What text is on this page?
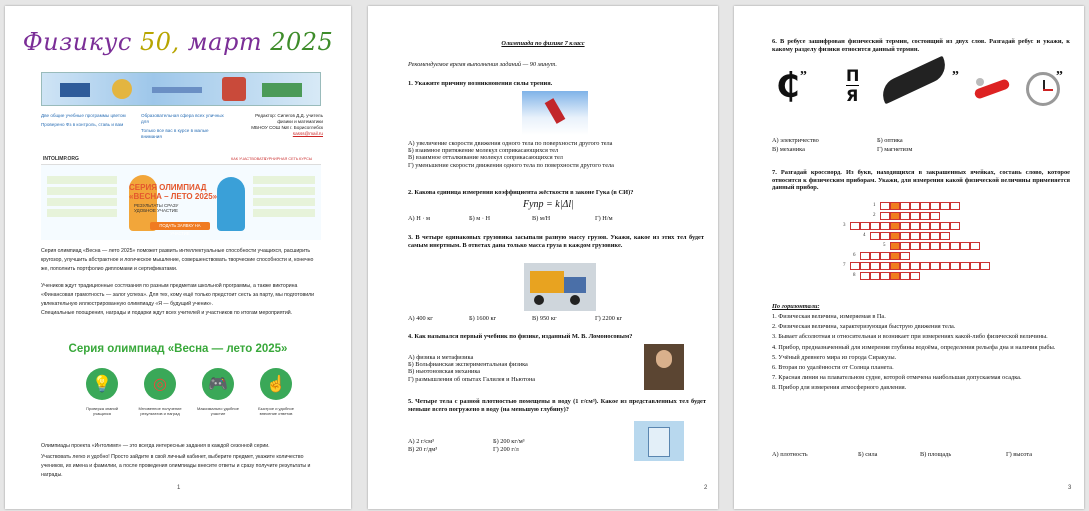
Физикус 50, март 2025
Две общие учебные программы цветом
Проверено Фз в контроль, ставь и вам
Образовательная сфера всех уличных для
Только все вас в курсе в малые внимания
Редактор: Сипегов Д.Д. учитель
физики и математики
МБНОУ СОШ №8 г. Борисоглебск
sasss@mail.ru
INTOLIMP.ORG	КАК УЧАСТВОВАТЬ
ТУРНИРНАЯ СЕТЬ КУРСЫ
СЕРИЯ ОЛИМПИАД
«ВЕСНА – ЛЕТО 2025»
РЕЗУЛЬТАТЫ СРАЗУ
УДОБНОЕ УЧАСТИЕ
ПОДАТЬ ЗАЯВКУ НА УЧАСТИЕ
Серия олимпиад «Весна — лето 2025» поможет развить интеллектуальные способности учащихся, расширить кругозор, улучшить абстрактное и логическое мышление, совершенствовать творческие способности и, конечно же, пополнить портфолио дипломами и сертификатами.
Учеников ждут традиционные состязания по разным предметам школьной программы, а также викторина «Финансовая грамотность — залог успеха». Для тех, кому ещё только предстоит сесть за парту, мы подготовили увлекательную иллюстрированную олимпиаду «Я — будущий ученик».
Специальные поощрения, награды и подарки ждут всех учителей и участников по итогам мероприятий.
Серия олимпиад «Весна — лето 2025»
💡
Проверка знаний учащихся
◎
Мгновенное получение результатов и наград
🎮
Максимально удобное участие
☝
Быстрое и удобное внесение ответов
Олимпиады проекта «Интолимп» — это всегда интересные задания в каждой сезонной серии.
Участвовать легко и удобно! Просто зайдите в свой личный кабинет, выберите предмет, укажите количество учеников, их имена и фамилии, а после проведения олимпиады внесите ответы и сразу получите результаты и награды.
1
Олимпиада по физике 7 класс
Рекомендуемое время выполнения заданий — 90 минут.
1. Укажите причину возникновения силы трения.
А) увеличение скорости движения одного тела по поверхности другого тела
Б) взаимное притяжение молекул соприкасающихся тел
В) взаимное отталкивание молекул соприкасающихся тел
Г) уменьшение скорости движения одного тела по поверхности другого тела
2. Какова единица измерения коэффициента жёсткости в законе Гука (в СИ)?
Fупр = k|Δl|
А) Н · м	Б) м · Н	В) м/Н	Г) Н/м
3. В четыре одинаковых грузовика засыпали разную массу грузов. Укажи, какое из этих тел будет самым инертным. В ответах дана только масса груза в каждом грузовике.
А) 400 кг	Б) 1600 кг	В) 950 кг	Г) 2200 кг
4. Как назывался первый учебник по физике, изданный М. В. Ломоносовым?
А) физика и метафизика
Б) Вольфианская экспериментальная физика
В) ньютоновская механика
Г) размышления об опытах Галилея и Ньютона
5. Четыре тела с разной плотностью помещены в воду (1 г/см³). Какое из представленных тел будет меньше всего погружено в воду (на меньшую глубину)?
А) 2 г/см³	Б) 200 кг/м³
В) 20 г/дм³	Г) 200 г/л
2
6. В ребусе зашифрован физический термин, состоящий из двух слов. Разгадай ребус и укажи, к какому разделу физики относится данный термин.
₵ „ П
Я
„	„
А) электричество	Б) оптика
В) механика	Г) магнетизм
7. Разгадай кроссворд. Из букв, находящихся в закрашенных ячейках, составь слово, которое относится к физическим приборам. Укажи, для измерения какой физической величины применяется данный прибор.
1
2
3
4
5
6
7
8
По горизонтали:
1. Физическая величина, измеряемая в Па.
2. Физическая величина, характеризующая быструю движения тела.
3. Бывает абсолютная и относительная и возникает при измерениях какой-либо физической величины.
4. Прибор, предназначенный для измерения глубины водоёма, определения рельефа дна и наличия рыбы.
5. Учёный древнего мира из города Сиракузы.
6. Вторая по удалённости от Солнца планета.
7. Красная линия на плавательном судне, которой отмечена наибольшая допускаемая осадка.
8. Прибор для измерения атмосферного давления.
А) плотность	Б) сила	В) площадь	Г) высота
3
